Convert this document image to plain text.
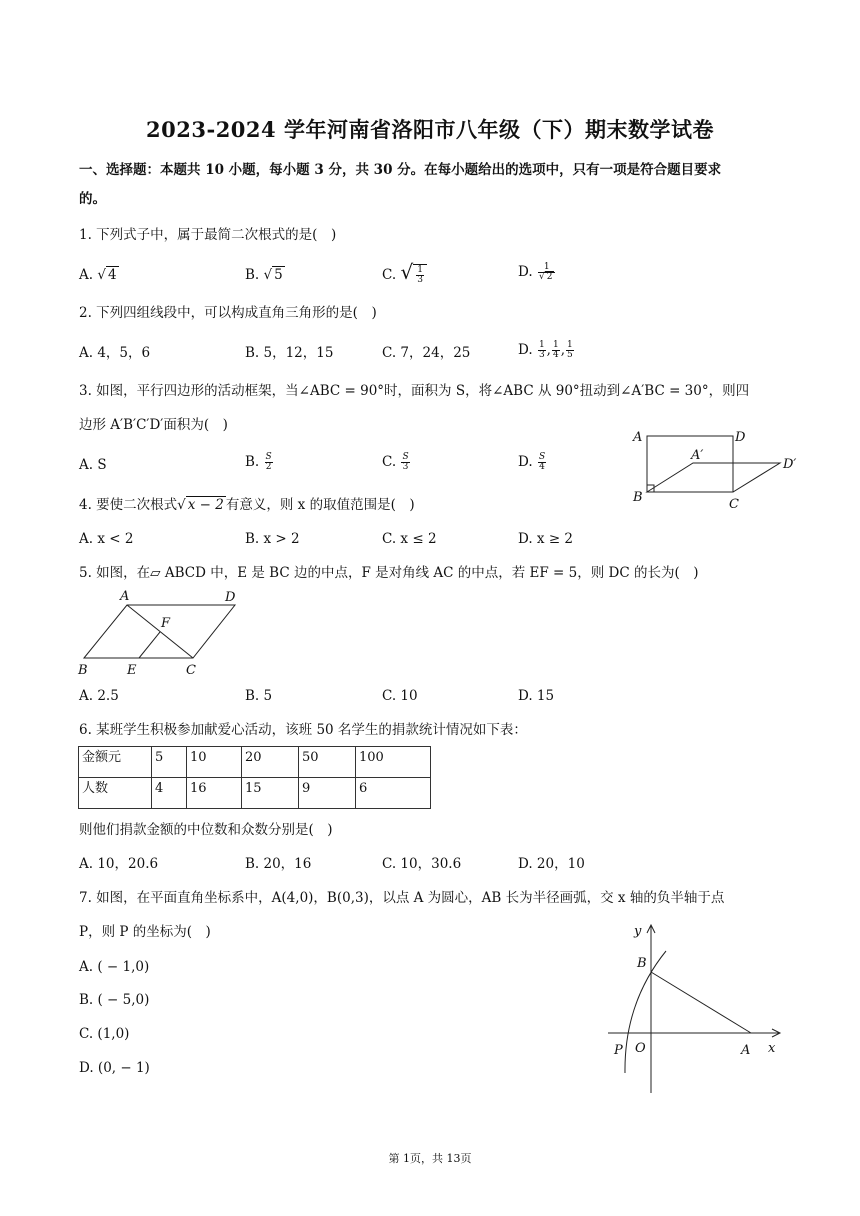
2023-2024 学年河南省洛阳市八年级（下）期末数学试卷
一、选择题：本题共 10 小题，每小题 3 分，共 30 分。在每小题给出的选项中，只有一项是符合题目要求
的。
1. 下列式子中，属于最简二次根式的是(　)
A. √ 4	B. √ 5	C. √ $\frac{1}{3}$	D. $\frac{1}{√ 2}$
2. 下列四组线段中，可以构成直角三角形的是(　)
A. 4，5，6	B. 5，12，15	C. 7，24，25	D. $\frac{1}{3}$ , $\frac{1}{4}$ , $\frac{1}{5}$
3. 如图，平行四边形的活动框架，当∠ABC = 90°时，面积为 S，将∠ABC 从 90°扭动到∠A′BC = 30°，则四
边形 A′B′C′D′面积为(　)
A. S	B. $\frac{S}{2}$	C. $\frac{S}{3}$	D. $\frac{S}{4}$
A	D
A′
D′
B	C
4. 要使二次根式√ x − 2 有意义，则 x 的取值范围是(　)
A. x < 2	B. x > 2	C. x ≤ 2	D. x ≥ 2
5. 如图，在▱ ABCD 中，E 是 BC 边的中点，F 是对角线 AC 的中点，若 EF = 5，则 DC 的长为(　)
A	D
F
B	E	C
A. 2.5	B. 5	C. 10	D. 15
6. 某班学生积极参加献爱心活动，该班 50 名学生的捐款统计情况如下表：
金额元	5	10	20	50	100
人数	4	16	15	9	6
则他们捐款金额的中位数和众数分别是(　)
A. 10，20.6	B. 20，16	C. 10，30.6	D. 20，10
7. 如图，在平面直角坐标系中，A(4,0)，B(0,3)，以点 A 为圆心，AB 长为半径画弧，交 x 轴的负半轴于点
P，则 P 的坐标为(　)
A. ( − 1,0)
B. ( − 5,0)
C. (1,0)
D. (0, − 1)
y
B
P O	A x
第 1页，共 13页
